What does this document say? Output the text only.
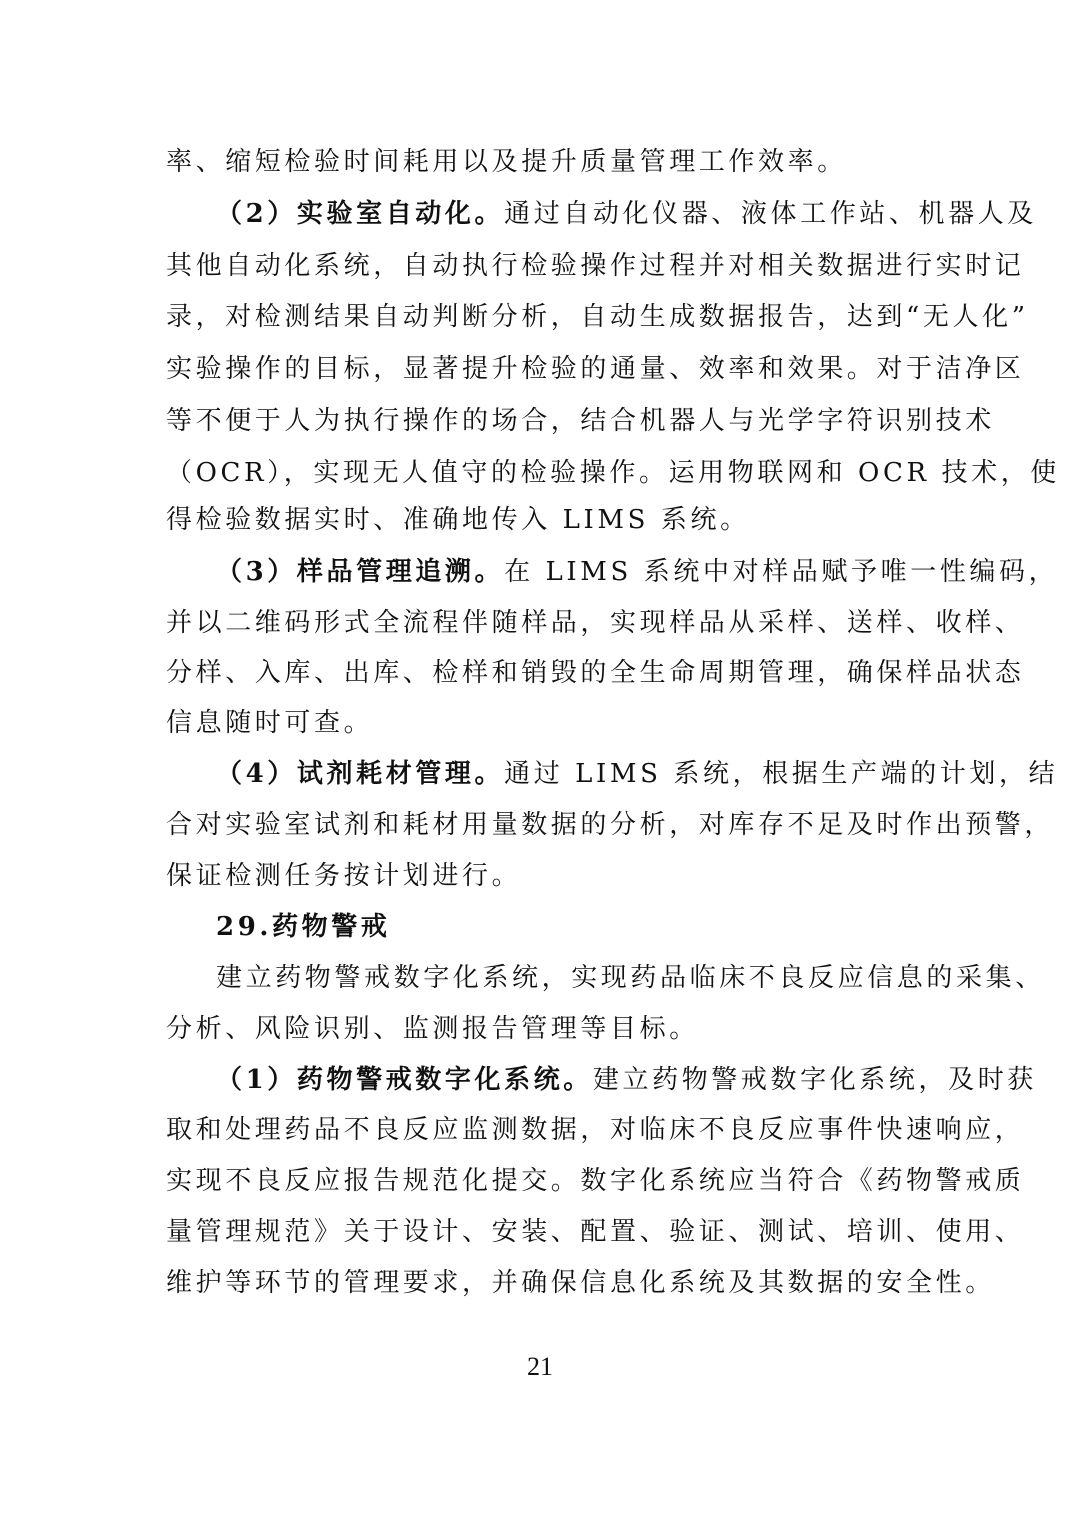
率、缩短检验时间耗用以及提升质量管理工作效率。
（2）实验室自动化。通过自动化仪器、液体工作站、机器人及
其他自动化系统，自动执行检验操作过程并对相关数据进行实时记
录，对检测结果自动判断分析，自动生成数据报告，达到“无人化”
实验操作的目标，显著提升检验的通量、效率和效果。对于洁净区
等不便于人为执行操作的场合，结合机器人与光学字符识别技术
（OCR），实现无人值守的检验操作。运用物联网和 OCR 技术，使
得检验数据实时、准确地传入 LIMS 系统。
（3）样品管理追溯。在 LIMS 系统中对样品赋予唯一性编码，
并以二维码形式全流程伴随样品，实现样品从采样、送样、收样、
分样、入库、出库、检样和销毁的全生命周期管理，确保样品状态
信息随时可查。
（4）试剂耗材管理。通过 LIMS 系统，根据生产端的计划，结
合对实验室试剂和耗材用量数据的分析，对库存不足及时作出预警，
保证检测任务按计划进行。
29.药物警戒
建立药物警戒数字化系统，实现药品临床不良反应信息的采集、
分析、风险识别、监测报告管理等目标。
（1）药物警戒数字化系统。建立药物警戒数字化系统，及时获
取和处理药品不良反应监测数据，对临床不良反应事件快速响应，
实现不良反应报告规范化提交。数字化系统应当符合《药物警戒质
量管理规范》关于设计、安装、配置、验证、测试、培训、使用、
维护等环节的管理要求，并确保信息化系统及其数据的安全性。
21
